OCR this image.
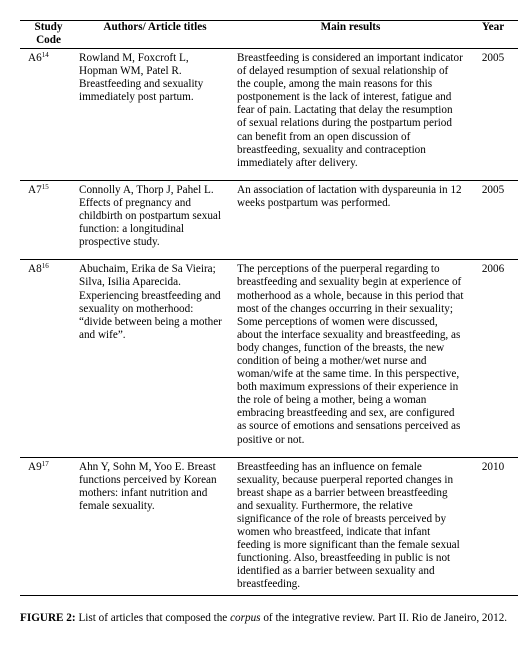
Study Code	Authors/ Article titles	Main results	Year
$A6^{14}$	Rowland M, Foxcroft L, Hopman WM, Patel R. Breastfeeding and sexuality immediately post partum.	Breastfeeding is considered an important indicator of delayed resumption of sexual relationship of the couple, among the main reasons for this postponement is the lack of interest, fatigue and fear of pain. Lactating that delay the resumption of sexual relations during the postpartum period can benefit from an open discussion of breastfeeding, sexuality and contraception immediately after delivery.	2005
$A7^{15}$	Connolly A, Thorp J, Pahel L. Effects of pregnancy and childbirth on postpartum sexual function: a longitudinal prospective study.	An association of lactation with dyspareunia in 12 weeks postpartum was performed.	2005
$A8^{16}$	Abuchaim, Erika de Sa Vieira; Silva, Isilia Aparecida. Experiencing breastfeeding and sexuality on motherhood: “divide between being a mother and wife”.	The perceptions of the puerperal regarding to breastfeeding and sexuality begin at experience of motherhood as a whole, because in this period that most of the changes occurring in their sexuality; Some perceptions of women were discussed, about the interface sexuality and breastfeeding, as body changes, function of the breasts, the new condition of being a mother/wet nurse and woman/wife at the same time. In this perspective, both maximum expressions of their experience in the role of being a mother, being a woman embracing breastfeeding and sex, are configured as source of emotions and sensations perceived as positive or not.	2006
$A9^{17}$	Ahn Y, Sohn M, Yoo E. Breast functions perceived by Korean mothers: infant nutrition and female sexuality.	Breastfeeding has an influence on female sexuality, because puerperal reported changes in breast shape as a barrier between breastfeeding and sexuality. Furthermore, the relative significance of the role of breasts perceived by women who breastfeed, indicate that infant feeding is more significant than the female sexual functioning. Also, breastfeeding in public is not identified as a barrier between sexuality and breastfeeding.	2010
FIGURE 2: List of articles that composed the corpus of the integrative review. Part II. Rio de Janeiro, 2012.
